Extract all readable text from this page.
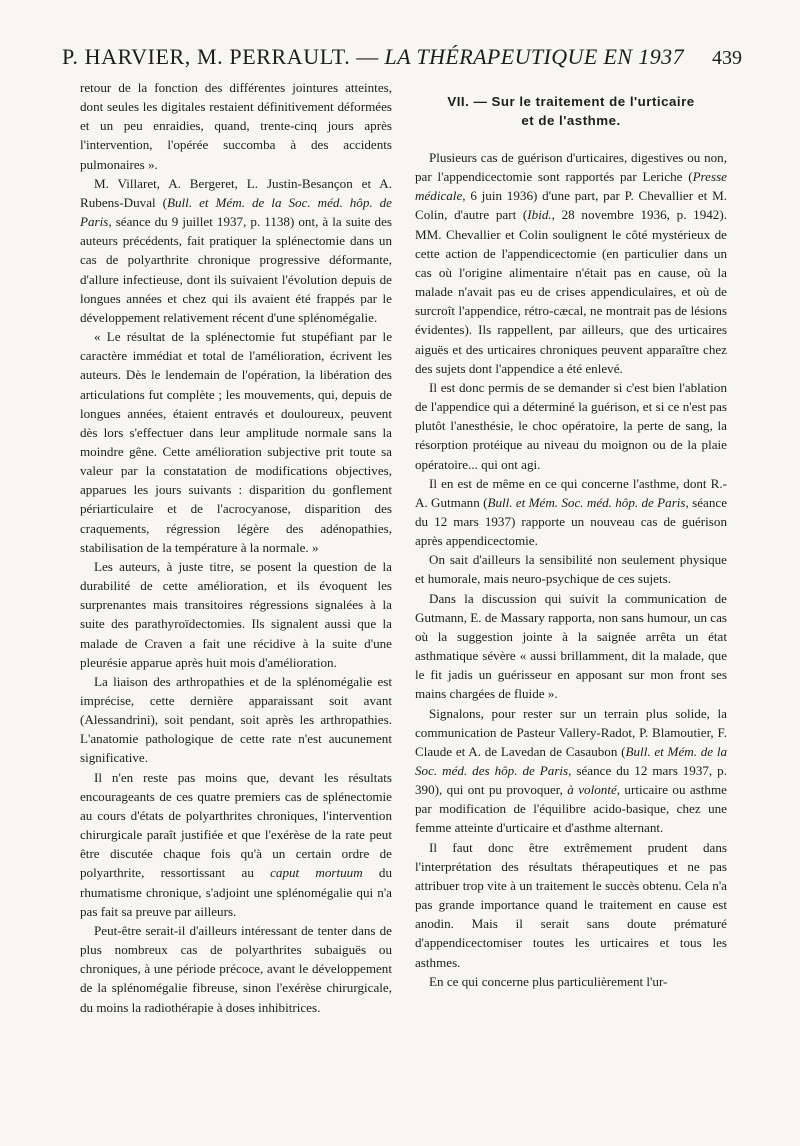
P. HARVIER, M. PERRAULT. — LA THÉRAPEUTIQUE EN 1937 439

retour de la fonction des différentes jointures atteintes, dont seules les digitales restaient définitivement déformées et un peu enraidies, quand, trente-cinq jours après l'intervention, l'opérée succomba à des accidents pulmonaires ».

M. Villaret, A. Bergeret, L. Justin-Besançon et A. Rubens-Duval (Bull. et Mém. de la Soc. méd. hôp. de Paris, séance du 9 juillet 1937, p. 1138) ont, à la suite des auteurs précédents, fait pratiquer la splénectomie dans un cas de polyarthrite chronique progressive déformante, d'allure infectieuse, dont ils suivaient l'évolution depuis de longues années et chez qui ils avaient été frappés par le développement relativement récent d'une splénomégalie.

« Le résultat de la splénectomie fut stupéfiant par le caractère immédiat et total de l'amélioration, écrivent les auteurs. Dès le lendemain de l'opération, la libération des articulations fut complète ; les mouvements, qui, depuis de longues années, étaient entravés et douloureux, peuvent dès lors s'effectuer dans leur amplitude normale sans la moindre gêne. Cette amélioration subjective prit toute sa valeur par la constatation de modifications objectives, apparues les jours suivants : disparition du gonflement périarticulaire et de l'acrocyanose, disparition des craquements, régression légère des adénopathies, stabilisation de la température à la normale. »

Les auteurs, à juste titre, se posent la question de la durabilité de cette amélioration, et ils évoquent les surprenantes mais transitoires régressions signalées à la suite des parathyroïdectomies. Ils signalent aussi que la malade de Craven a fait une récidive à la suite d'une pleurésie apparue après huit mois d'amélioration.

La liaison des arthropathies et de la splénomégalie est imprécise, cette dernière apparaissant soit avant (Alessandrini), soit pendant, soit après les arthropathies. L'anatomie pathologique de cette rate n'est aucunement significative.

Il n'en reste pas moins que, devant les résultats encourageants de ces quatre premiers cas de splénectomie au cours d'états de polyarthrites chroniques, l'intervention chirurgicale paraît justifiée et que l'exérèse de la rate peut être discutée chaque fois qu'à un certain ordre de polyarthrite, ressortissant au caput mortuum du rhumatisme chronique, s'adjoint une splénomégalie qui n'a pas fait sa preuve par ailleurs.

Peut-être serait-il d'ailleurs intéressant de tenter dans de plus nombreux cas de polyarthrites subaiguës ou chroniques, à une période précoce, avant le développement de la splénomégalie fibreuse, sinon l'exérèse chirurgicale, du moins la radiothérapie à doses inhibitrices.

VII. — Sur le traitement de l'urticaire
et de l'asthme.

Plusieurs cas de guérison d'urticaires, digestives ou non, par l'appendicectomie sont rapportés par Leriche (Presse médicale, 6 juin 1936) d'une part, par P. Chevallier et M. Colin, d'autre part (Ibid., 28 novembre 1936, p. 1942). MM. Chevallier et Colin soulignent le côté mystérieux de cette action de l'appendicectomie (en particulier dans un cas où l'origine alimentaire n'était pas en cause, où la malade n'avait pas eu de crises appendiculaires, et où de surcroît l'appendice, rétro-cæcal, ne montrait pas de lésions évidentes). Ils rappellent, par ailleurs, que des urticaires aiguës et des urticaires chroniques peuvent apparaître chez des sujets dont l'appendice a été enlevé.

Il est donc permis de se demander si c'est bien l'ablation de l'appendice qui a déterminé la guérison, et si ce n'est pas plutôt l'anesthésie, le choc opératoire, la perte de sang, la résorption protéique au niveau du moignon ou de la plaie opératoire... qui ont agi.

Il en est de même en ce qui concerne l'asthme, dont R.-A. Gutmann (Bull. et Mém. Soc. méd. hôp. de Paris, séance du 12 mars 1937) rapporte un nouveau cas de guérison après appendicectomie.

On sait d'ailleurs la sensibilité non seulement physique et humorale, mais neuro-psychique de ces sujets.

Dans la discussion qui suivit la communication de Gutmann, E. de Massary rapporta, non sans humour, un cas où la suggestion jointe à la saignée arrêta un état asthmatique sévère « aussi brillamment, dit la malade, que le fit jadis un guérisseur en apposant sur mon front ses mains chargées de fluide ».

Signalons, pour rester sur un terrain plus solide, la communication de Pasteur Vallery-Radot, P. Blamoutier, F. Claude et A. de Lavedan de Casaubon (Bull. et Mém. de la Soc. méd. des hôp. de Paris, séance du 12 mars 1937, p. 390), qui ont pu provoquer, à volonté, urticaire ou asthme par modification de l'équilibre acido-basique, chez une femme atteinte d'urticaire et d'asthme alternant.

Il faut donc être extrêmement prudent dans l'interprétation des résultats thérapeutiques et ne pas attribuer trop vite à un traitement le succès obtenu. Cela n'a pas grande importance quand le traitement en cause est anodin. Mais il serait sans doute prématuré d'appendicectomiser toutes les urticaires et tous les asthmes.

En ce qui concerne plus particulièrement l'ur-
